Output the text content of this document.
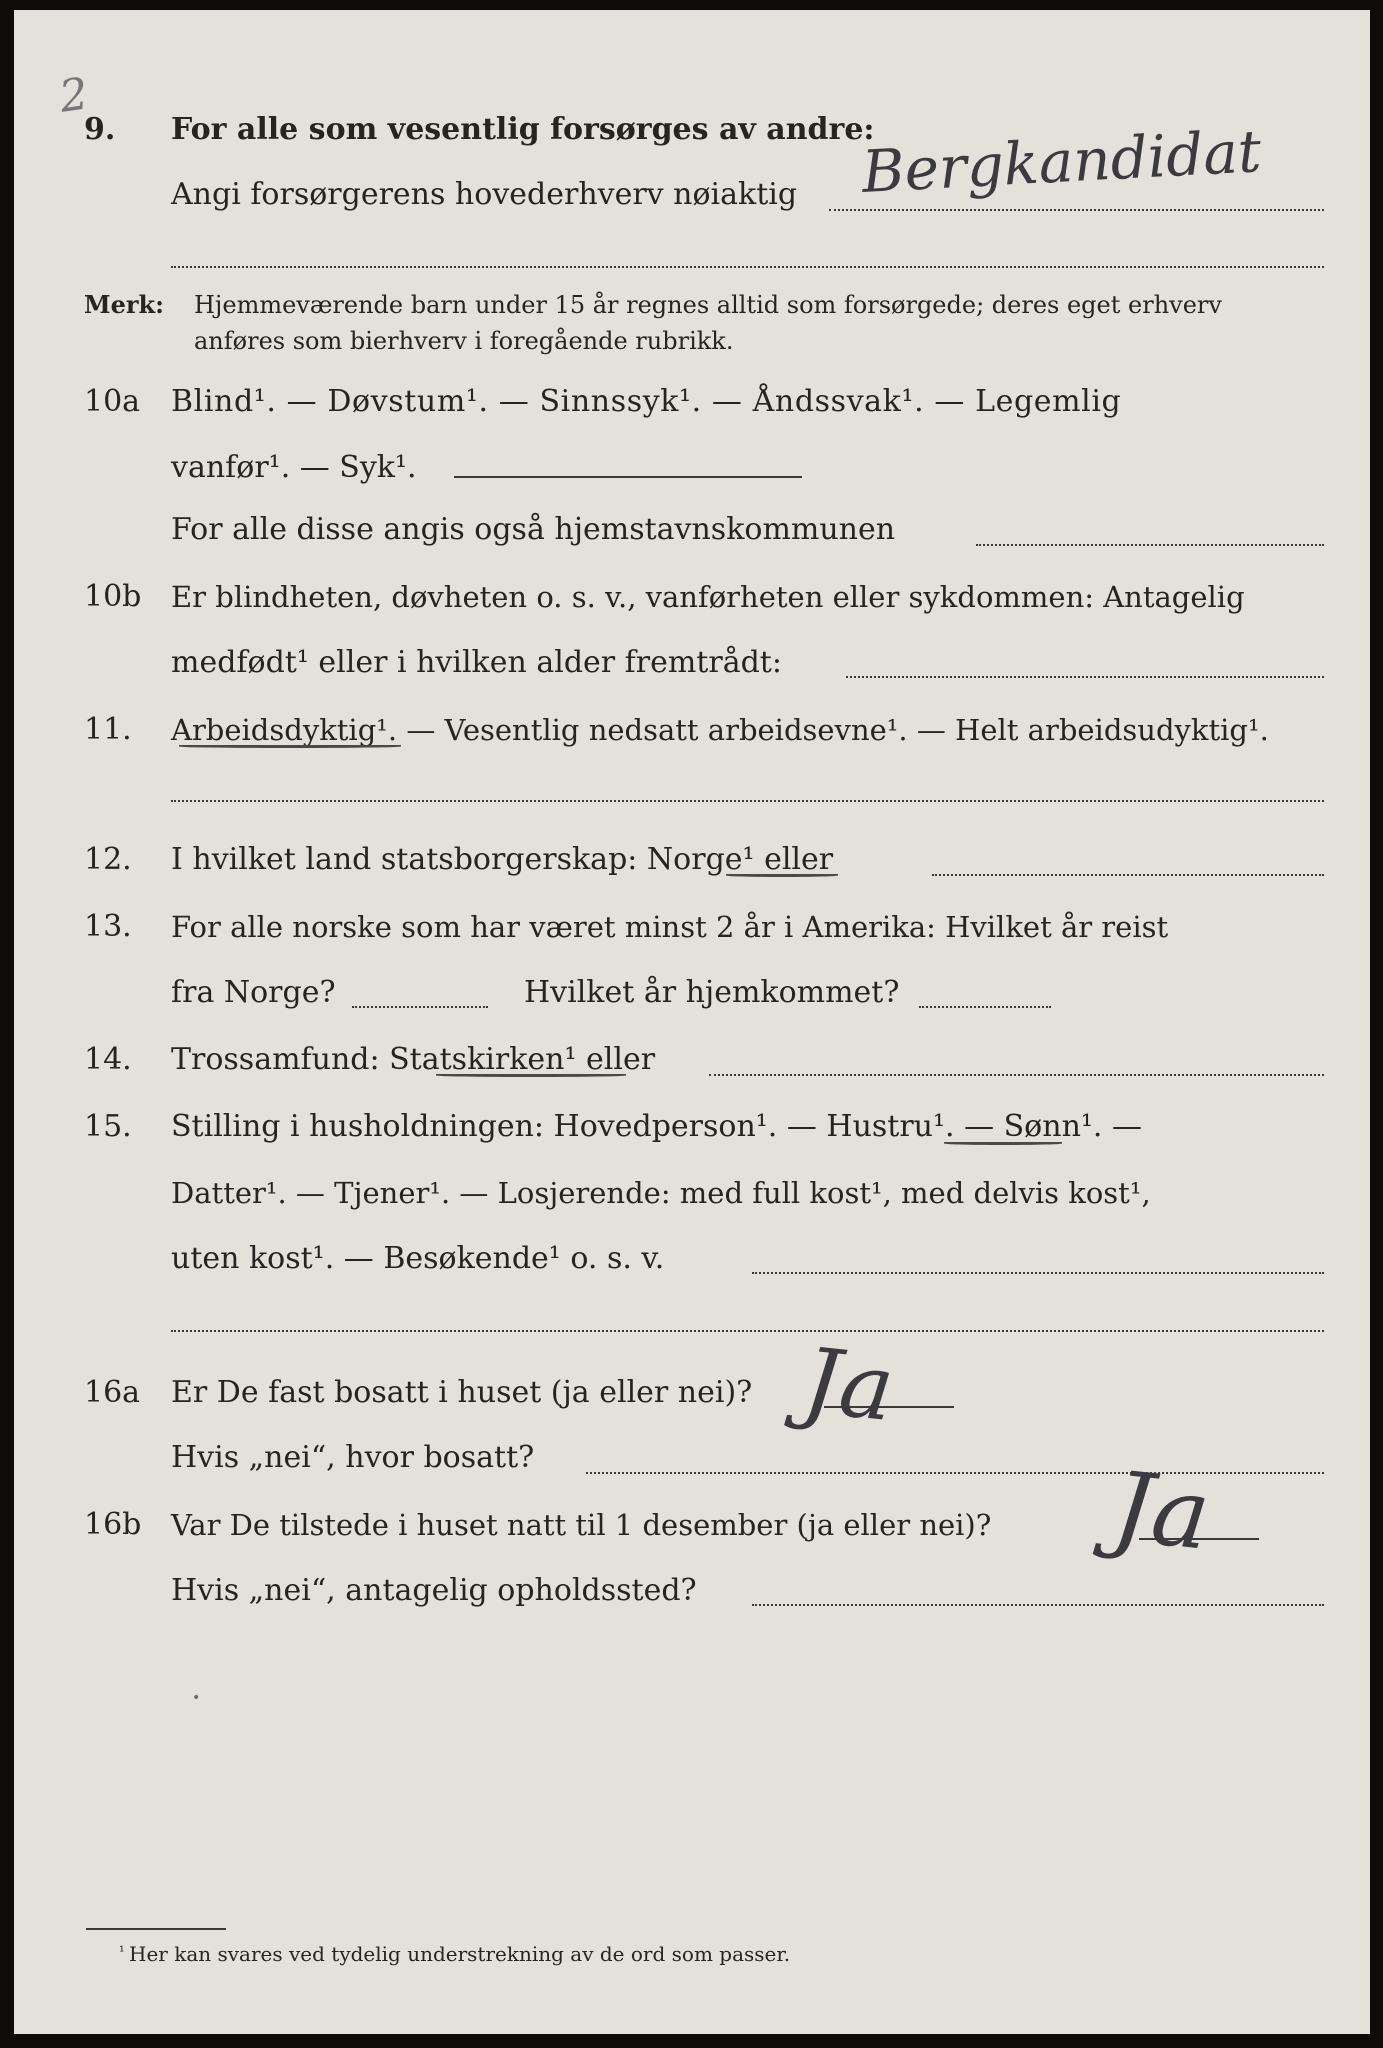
2
9. For alle som vesentlig forsørges av andre:
Angi forsørgerens hovederhverv nøiaktig Bergkandidat
Merk: Hjemmeværende barn under 15 år regnes alltid som forsørgede; deres eget erhverv
anføres som bierhverv i foregående rubrikk.
10a Blind¹. — Døvstum¹. — Sinnssyk¹. — Åndssvak¹. — Legemlig
vanfør¹. — Syk¹.
For alle disse angis også hjemstavnskommunen
10b Er blindheten, døvheten o. s. v., vanførheten eller sykdommen: Antagelig
medfødt¹ eller i hvilken alder fremtrådt:
11. Arbeidsdyktig¹. — Vesentlig nedsatt arbeidsevne¹. — Helt arbeidsudyktig¹.
12. I hvilket land statsborgerskap: Norge¹ eller
13. For alle norske som har været minst 2 år i Amerika: Hvilket år reist
fra Norge?	Hvilket år hjemkommet?
14. Trossamfund: Statskirken¹ eller
15. Stilling i husholdningen: Hovedperson¹. — Hustru¹. — Sønn¹. —
Datter¹. — Tjener¹. — Losjerende: med full kost¹, med delvis kost¹,
uten kost¹. — Besøkende¹ o. s. v.
16a Er De fast bosatt i huset (ja eller nei)? Ja
Hvis „nei“, hvor bosatt?
16b Var De tilstede i huset natt til 1 desember (ja eller nei)? Ja
Hvis „nei“, antagelig opholdssted?
•
¹ Her kan svares ved tydelig understrekning av de ord som passer.
